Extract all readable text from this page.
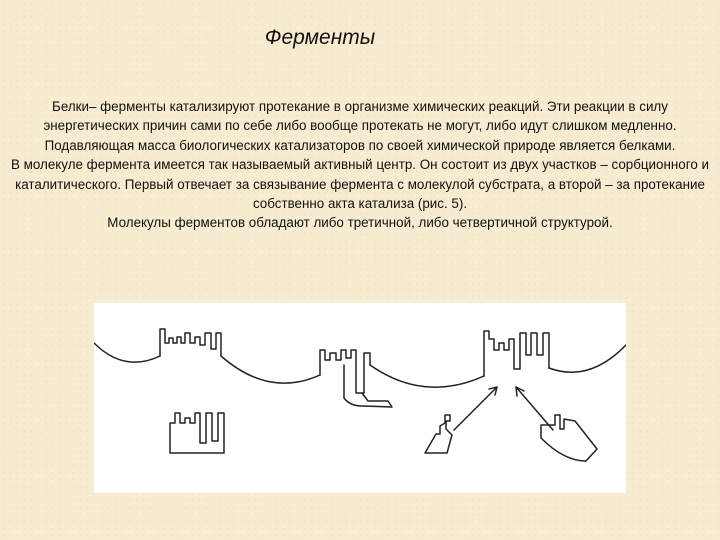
Ферменты

Белки– ферменты катализируют протекание в организме химических реакций. Эти реакции в силу энергетических причин сами по себе либо вообще протекать не могут, либо идут слишком медленно. Подавляющая масса биологических катализаторов по своей химической природе является белками.

В молекуле фермента имеется так называемый активный центр. Он состоит из двух участков – сорбционного и каталитического. Первый отвечает за связывание фермента с молекулой субстрата, а второй – за протекание собственно акта катализа (рис. 5).

Молекулы ферментов обладают либо третичной, либо четвертичной структурой.
